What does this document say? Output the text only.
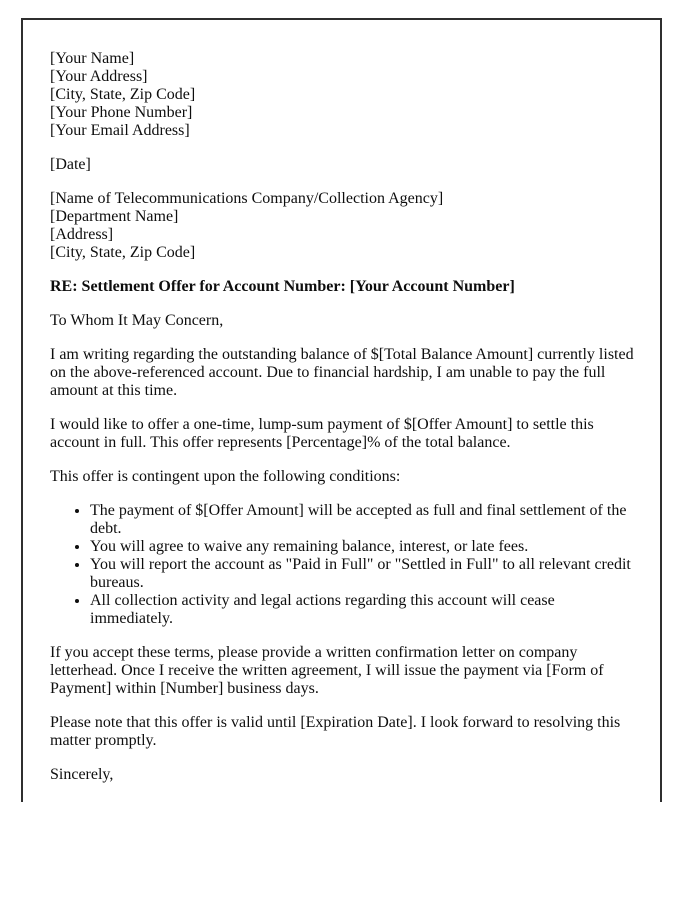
[Your Name]
[Your Address]
[City, State, Zip Code]
[Your Phone Number]
[Your Email Address]

[Date]

[Name of Telecommunications Company/Collection Agency]
[Department Name]
[Address]
[City, State, Zip Code]

RE: Settlement Offer for Account Number: [Your Account Number]

To Whom It May Concern,

I am writing regarding the outstanding balance of $[Total Balance Amount] currently listed on the above-referenced account. Due to financial hardship, I am unable to pay the full amount at this time.

I would like to offer a one-time, lump-sum payment of $[Offer Amount] to settle this account in full. This offer represents [Percentage]% of the total balance.

This offer is contingent upon the following conditions:

• The payment of $[Offer Amount] will be accepted as full and final settlement of the debt.
• You will agree to waive any remaining balance, interest, or late fees.
• You will report the account as "Paid in Full" or "Settled in Full" to all relevant credit bureaus.
• All collection activity and legal actions regarding this account will cease immediately.

If you accept these terms, please provide a written confirmation letter on company letterhead. Once I receive the written agreement, I will issue the payment via [Form of Payment] within [Number] business days.

Please note that this offer is valid until [Expiration Date]. I look forward to resolving this matter promptly.

Sincerely,
